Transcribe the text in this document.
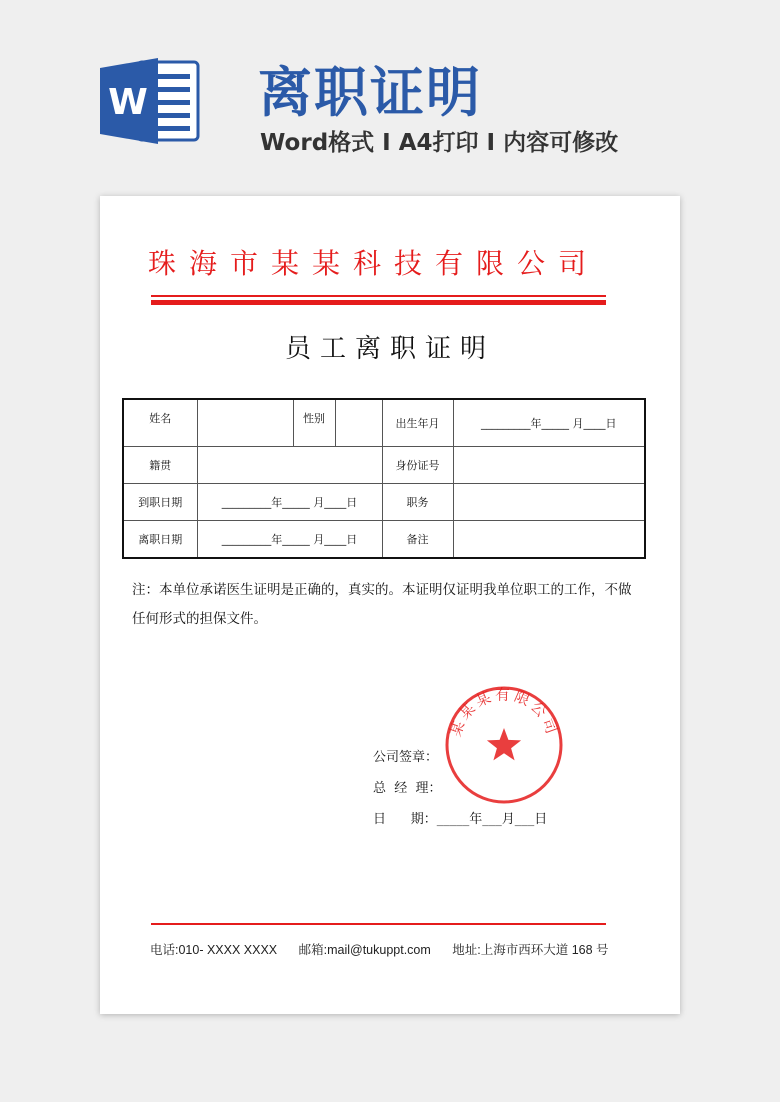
W 离职证明
Word格式 I A4打印 I 内容可修改
珠海市某某科技有限公司
员工离职证明
姓名		性别		出生年月	_________年_____ 月____日
籍贯				身份证号	
到职日期	_________年_____ 月____日			职务	
离职日期	_________年_____ 月____日			备注	
注：本单位承诺医生证明是正确的，真实的。本证明仅证明我单位职工的工作，不做任何形式的担保文件。
公司签章：
总  经  理：
日      期：_____年___月___日
某某某有限公司
电话:010- XXXX XXXX 邮箱:mail@tukuppt.com 地址:上海市西环大道 168 号
